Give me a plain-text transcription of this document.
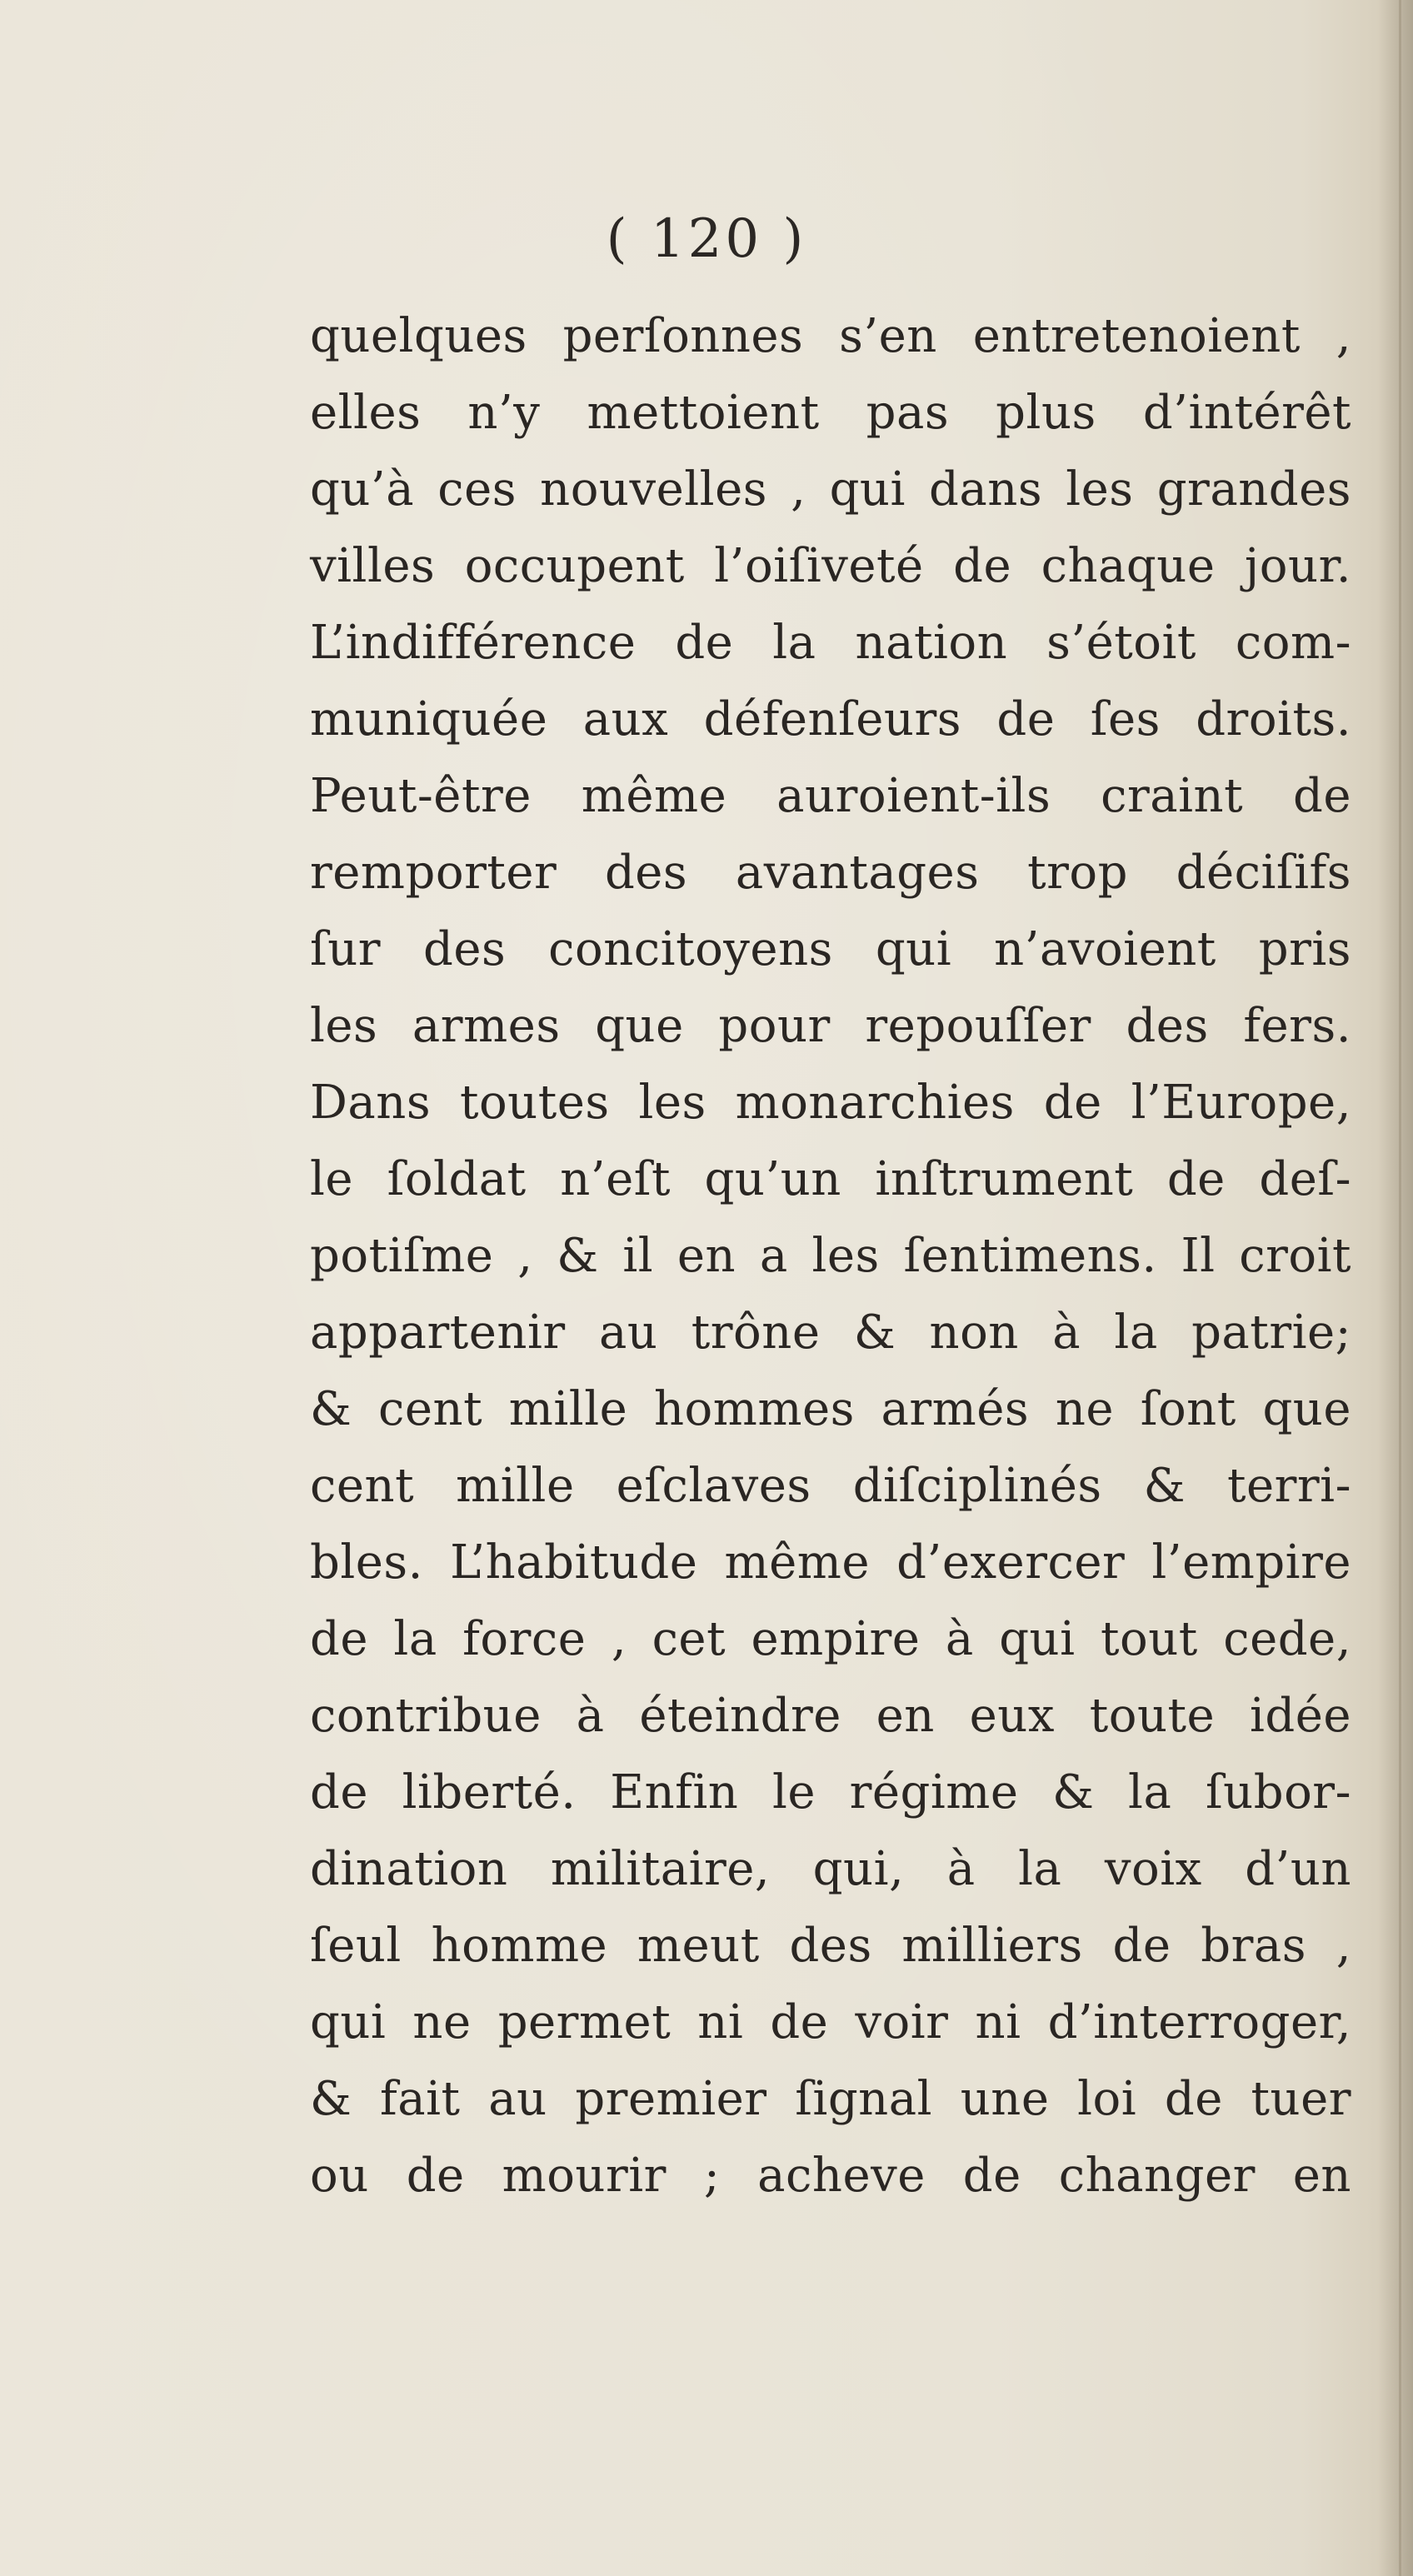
( 120 )
quelques perſonnes s’en entretenoient ,
elles n’y mettoient pas plus d’intérêt
qu’à ces nouvelles , qui dans les grandes
villes occupent l’oiſiveté de chaque jour.
L’indifférence de la nation s’étoit com-
muniquée aux défenſeurs de ſes droits.
Peut-être même auroient-ils craint de
remporter des avantages trop déciſifs
ſur des concitoyens qui n’avoient pris
les armes que pour repouſſer des fers.
Dans toutes les monarchies de l’Europe,
le ſoldat n’eſt qu’un inſtrument de deſ-
potiſme , & il en a les ſentimens. Il croit
appartenir au trône & non à la patrie;
& cent mille hommes armés ne ſont que
cent mille eſclaves diſciplinés & terri-
bles. L’habitude même d’exercer l’empire
de la force , cet empire à qui tout cede,
contribue à éteindre en eux toute idée
de liberté. Enfin le régime & la ſubor-
dination militaire, qui, à la voix d’un
ſeul homme meut des milliers de bras ,
qui ne permet ni de voir ni d’interroger,
& fait au premier ſignal une loi de tuer
ou de mourir ; acheve de changer en
